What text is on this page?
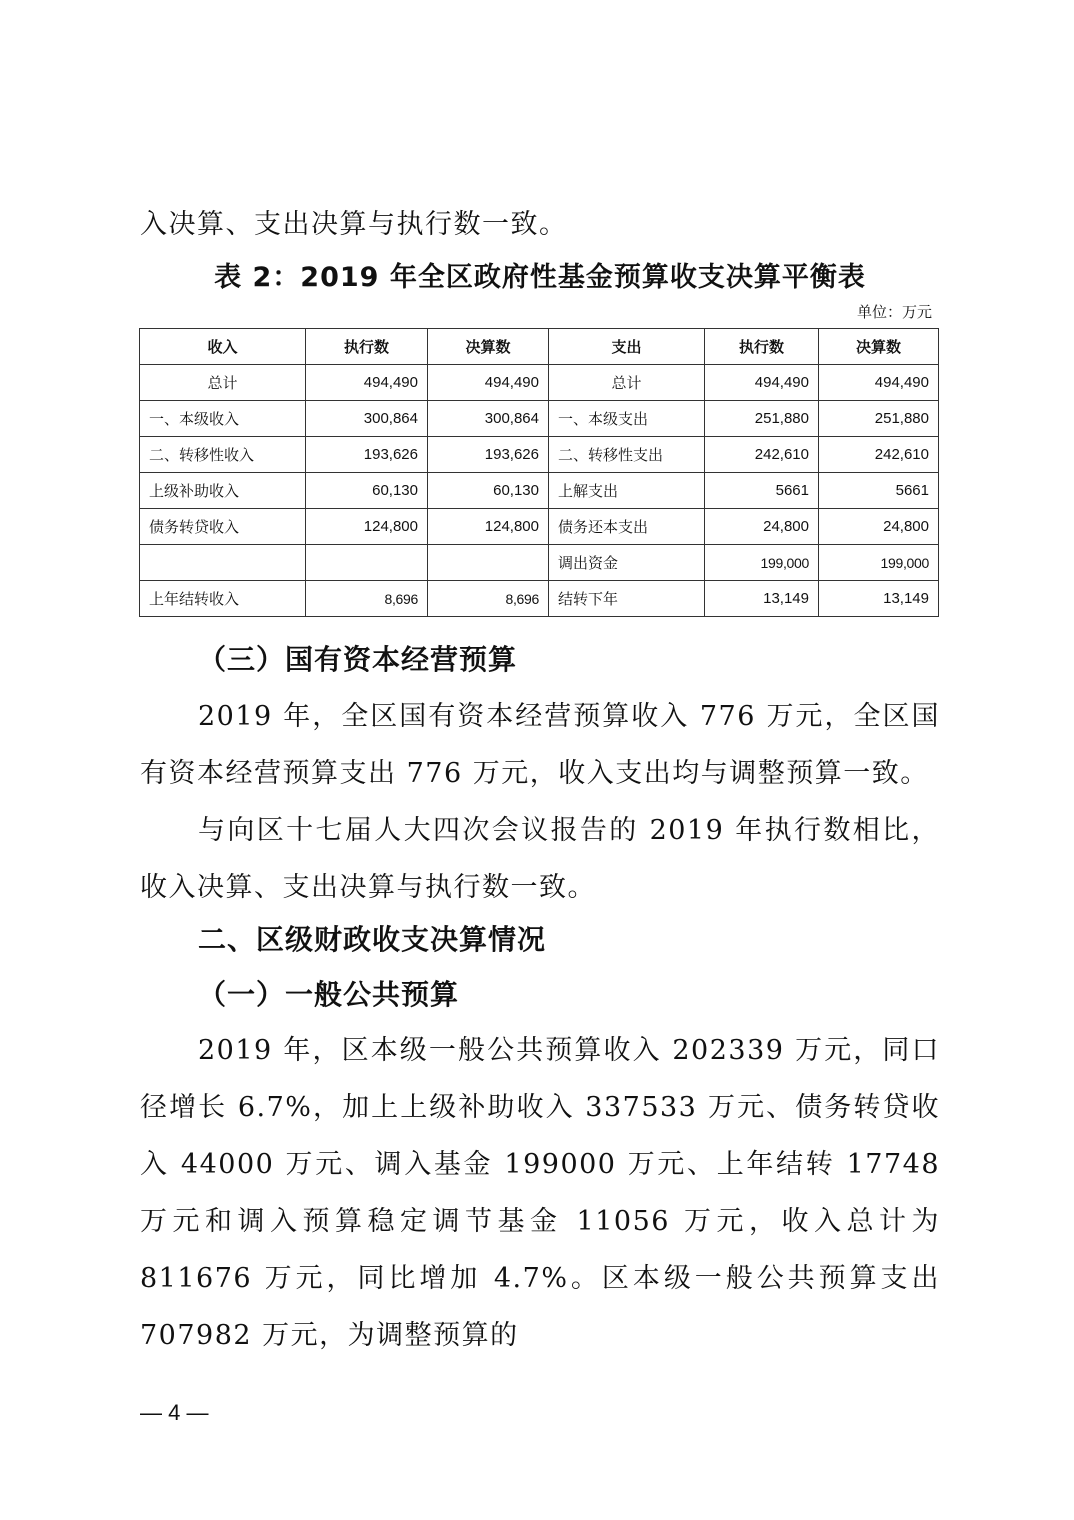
入决算、支出决算与执行数一致。

表 2：2019 年全区政府性基金预算收支决算平衡表

单位：万元
收入	执行数	决算数	支出	执行数	决算数
总计	494,490	494,490	总计	494,490	494,490
一、本级收入	300,864	300,864	一、本级支出	251,880	251,880
二、转移性收入	193,626	193,626	二、转移性支出	242,610	242,610
上级补助收入	60,130	60,130	上解支出	5661	5661
债务转贷收入	124,800	124,800	债务还本支出	24,800	24,800
			调出资金	199,000	199,000
上年结转收入	8,696	8,696	结转下年	13,149	13,149
（三）国有资本经营预算

2019 年，全区国有资本经营预算收入 776 万元，全区国有资本经营预算支出 776 万元，收入支出均与调整预算一致。

与向区十七届人大四次会议报告的 2019 年执行数相比，收入决算、支出决算与执行数一致。

二、区级财政收支决算情况
（一）一般公共预算

2019 年，区本级一般公共预算收入 202339 万元，同口径增长 6.7%，加上上级补助收入 337533 万元、债务转贷收入 44000 万元、调入基金 199000 万元、上年结转 17748 万元和调入预算稳定调节基金 11056 万元，收入总计为 811676 万元，同比增加 4.7%。区本级一般公共预算支出 707982 万元，为调整预算的

— 4 —
